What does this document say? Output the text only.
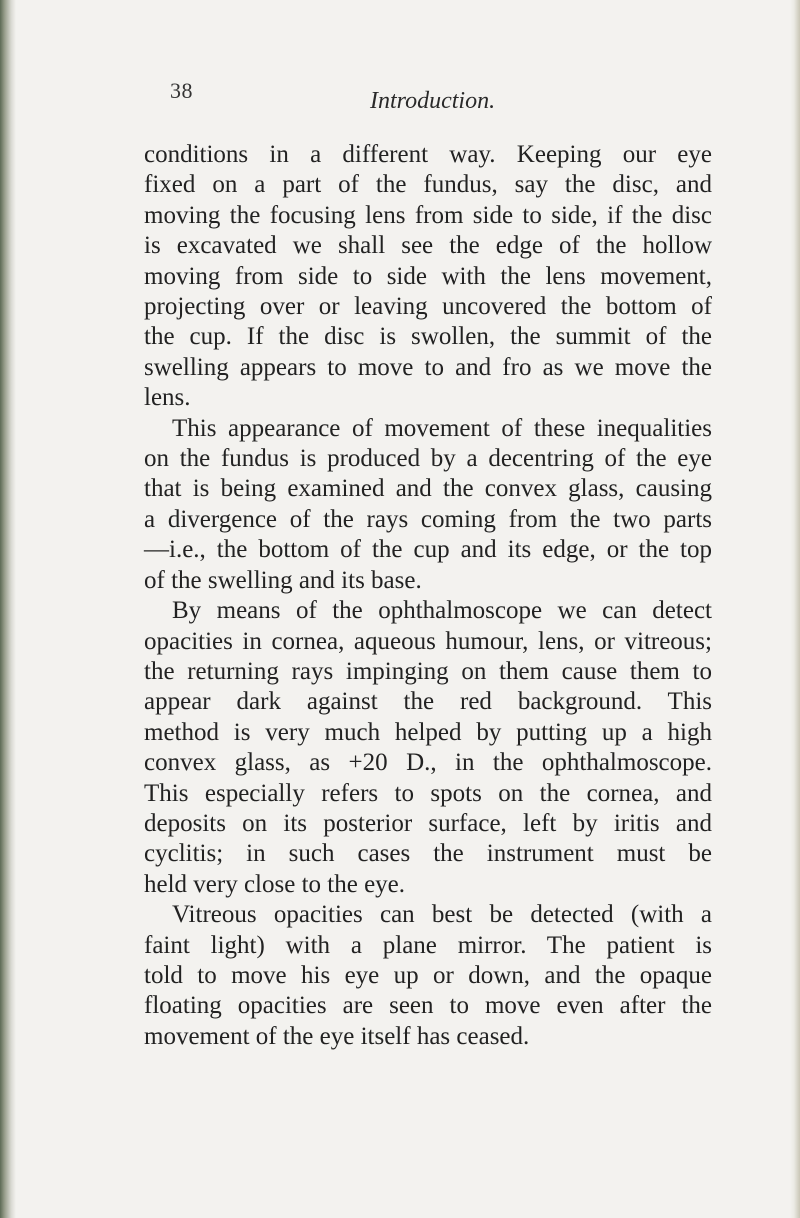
38	Introduction.

conditions in a different way. Keeping our eye
fixed on a part of the fundus, say the disc, and
moving the focusing lens from side to side, if the disc
is excavated we shall see the edge of the hollow
moving from side to side with the lens movement,
projecting over or leaving uncovered the bottom of
the cup. If the disc is swollen, the summit of the
swelling appears to move to and fro as we move the
lens.

This appearance of movement of these inequalities
on the fundus is produced by a decentring of the eye
that is being examined and the convex glass, causing
a divergence of the rays coming from the two parts
—i.e., the bottom of the cup and its edge, or the top
of the swelling and its base.

By means of the ophthalmoscope we can detect
opacities in cornea, aqueous humour, lens, or vitreous;
the returning rays impinging on them cause them to
appear dark against the red background. This
method is very much helped by putting up a high
convex glass, as +20 D., in the ophthalmoscope.
This especially refers to spots on the cornea, and
deposits on its posterior surface, left by iritis and
cyclitis; in such cases the instrument must be
held very close to the eye.

Vitreous opacities can best be detected (with a
faint light) with a plane mirror. The patient is
told to move his eye up or down, and the opaque
floating opacities are seen to move even after the
movement of the eye itself has ceased.
